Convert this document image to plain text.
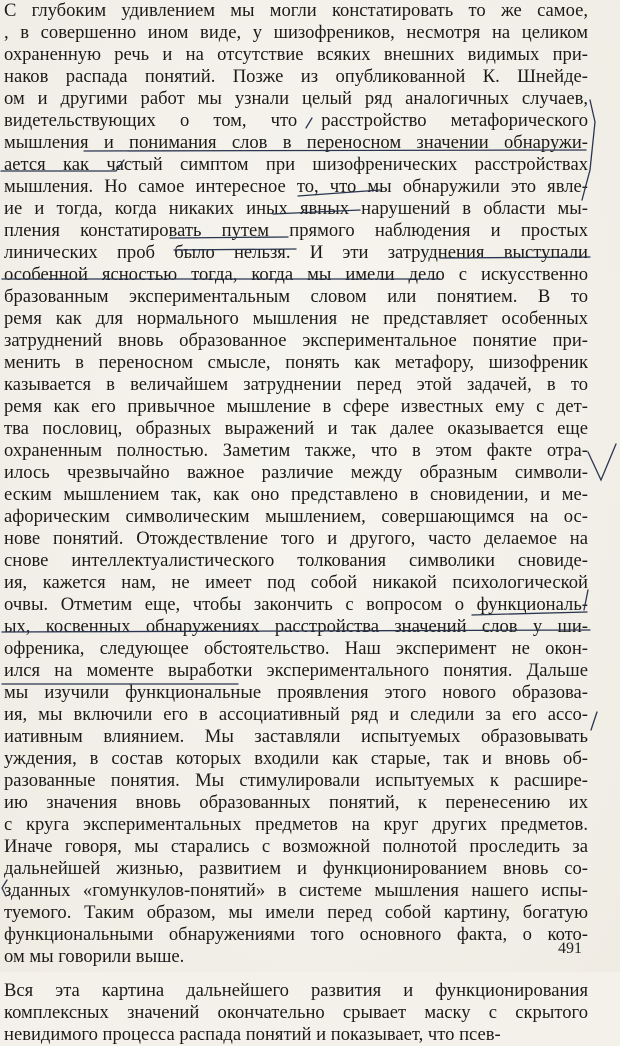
С глубоким удивлением мы могли констатировать то же самое,
, в совершенно ином виде, у шизофреников, несмотря на целиком
охраненную речь и на отсутствие всяких внешних видимых при-
наков распада понятий. Позже из опубликованной К. Шнейде-
ом и другими работ мы узнали целый ряд аналогичных случаев,
видетельствующих о том, что расстройство метафорического
мышления и понимания слов в переносном значении обнаружи-
ается как частый симптом при шизофренических расстройствах
мышления. Но самое интересное то, что мы обнаружили это явле-
ие и тогда, когда никаких иных явных нарушений в области мы-
пления констатировать путем прямого наблюдения и простых
линических проб было нельзя. И эти затруднения выступали
особенной ясностью тогда, когда мы имели дело с искусственно
бразованным экспериментальным словом или понятием. В то
ремя как для нормального мышления не представляет особенных
затруднений вновь образованное экспериментальное понятие при-
менить в переносном смысле, понять как метафору, шизофреник
казывается в величайшем затруднении перед этой задачей, в то
ремя как его привычное мышление в сфере известных ему с дет-
тва пословиц, образных выражений и так далее оказывается еще
охраненным полностью. Заметим также, что в этом факте отра-
илось чрезвычайно важное различие между образным символи-
еским мышлением так, как оно представлено в сновидении, и ме-
афорическим символическим мышлением, совершающимся на ос-
нове понятий. Отождествление того и другого, часто делаемое на
снове интеллектуалистического толкования символики сновиде-
ия, кажется нам, не имеет под собой никакой психологической
очвы. Отметим еще, чтобы закончить с вопросом о функциональ-
ых, косвенных обнаружениях расстройства значений слов у ши-
офреника, следующее обстоятельство. Наш эксперимент не окон-
ился на моменте выработки экспериментального понятия. Дальше
мы изучили функциональные проявления этого нового образова-
ия, мы включили его в ассоциативный ряд и следили за его ассо-
иативным влиянием. Мы заставляли испытуемых образовывать
уждения, в состав которых входили как старые, так и вновь об-
разованные понятия. Мы стимулировали испытуемых к расшире-
ию значения вновь образованных понятий, к перенесению их
с круга экспериментальных предметов на круг других предметов.
Иначе говоря, мы старались с возможной полнотой проследить за
дальнейшей жизнью, развитием и функционированием вновь со-
зданных «гомункулов-понятий» в системе мышления нашего испы-
туемого. Таким образом, мы имели перед собой картину, богатую
функциональными обнаружениями того основного факта, о кото-
ом мы говорили выше.
Вся эта картина дальнейшего развития и функционирования
комплексных значений окончательно срывает маску с скрытого
невидимого процесса распада понятий и показывает, что псев-
491
